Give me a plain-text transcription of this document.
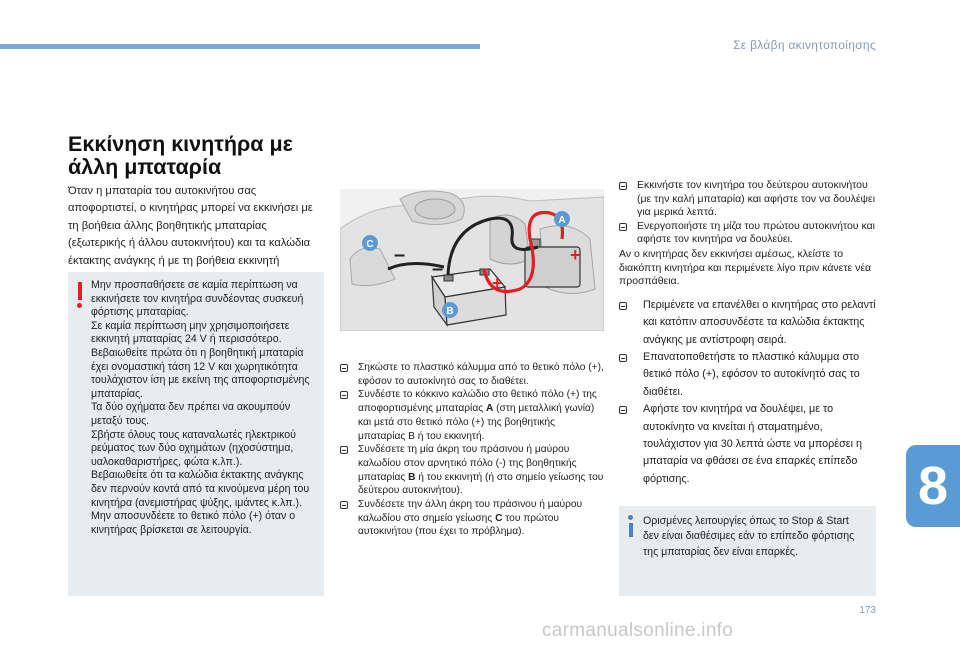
Σε βλάβη ακινητοποίησης
8
Εκκίνηση κινητήρα με άλλη μπαταρία

Όταν η μπαταρία του αυτοκινήτου σας αποφορτιστεί, ο κινητήρας μπορεί να εκκινήσει με τη βοήθεια άλλης βοηθητικής μπαταρίας (εξωτερικής ή άλλου αυτοκινήτου) και τα καλώδια έκτακτης ανάγκης ή με τη βοήθεια εκκινητή

Μην προσπαθήσετε σε καμία περίπτωση να εκκινήσετε τον κινητήρα συνδέοντας συσκευή φόρτισης μπαταρίας.

Σε καμία περίπτωση μην χρησιμοποιήσετε εκκινητή μπαταρίας 24 V ή περισσότερο.

Βεβαιωθείτε πρώτα ότι η βοηθητική μπαταρία έχει ονομαστική τάση 12 V και χωρητικότητα τουλάχιστον ίση με εκείνη της αποφορτισμένης μπαταρίας.

Τα δύο οχήματα δεν πρέπει να ακουμπούν μεταξύ τους.

Σβήστε όλους τους καταναλωτές ηλεκτρικού ρεύματος των δύο οχημάτων (ηχοσύστημα, υαλοκαθαριστήρες, φώτα κ.λπ.).

Βεβαιωθείτε ότι τα καλώδια έκτακτης ανάγκης δεν περνούν κοντά από τα κινούμενα μέρη του κινητήρα (ανεμιστήρας ψύξης, ιμάντες κ.λπ.).

Μην αποσυνδέετε το θετικό πόλο (+) όταν ο κινητήρας βρίσκεται σε λειτουργία.

+
+
–
–
A
B
C
Σηκώστε το πλαστικό κάλυμμα από το θετικό πόλο (+), εφόσον το αυτοκίνητό σας το διαθέτει.
Συνδέστε το κόκκινο καλώδιο στο θετικό πόλο (+) της αποφορτισμένης μπαταρίας A (στη μεταλλική γωνία) και μετά στο θετικό πόλο (+) της βοηθητικής μπαταρίας B ή του εκκινητή.
Συνδέσετε τη μία άκρη του πράσινου ή μαύρου καλωδίου στον αρνητικό πόλο (-) της βοηθητικής μπαταρίας B ή του εκκινητή (ή στο σημείο γείωσης του δεύτερου αυτοκινήτου).
Συνδέσετε την άλλη άκρη του πράσινου ή μαύρου καλωδίου στο σημείο γείωσης C του πρώτου αυτοκινήτου (που έχει το πρόβλημα).
Εκκινήστε τον κινητήρα του δεύτερου αυτοκινήτου (με την καλή μπαταρία) και αφήστε τον να δουλέψει για μερικά λεπτά.
Ενεργοποιήστε τη μίζα του πρώτου αυτοκινήτου και αφήστε τον κινητήρα να δουλεύει.

Αν ο κινητήρας δεν εκκινήσει αμέσως, κλείστε το διακόπτη κινητήρα και περιμένετε λίγο πριν κάνετε νέα προσπάθεια.

Περιμένετε να επανέλθει ο κινητήρας στο ρελαντί και κατόπιν αποσυνδέστε τα καλώδια έκτακτης ανάγκης με αντίστροφη σειρά.
Επανατοποθετήστε το πλαστικό κάλυμμα στο θετικό πόλο (+), εφόσον το αυτοκίνητό σας το διαθέτει.
Αφήστε τον κινητήρα να δουλέψει, με το αυτοκίνητο να κινείται ή σταματημένο, τουλάχιστον για 30 λεπτά ώστε να μπορέσει η μπαταρία να φθάσει σε ένα επαρκές επίπεδο φόρτισης.

Ορισμένες λειτουργίες όπως το Stop & Start δεν είναι διαθέσιμες εάν το επίπεδο φόρτισης της μπαταρίας δεν είναι επαρκές.

173
carmanualsonline.info
